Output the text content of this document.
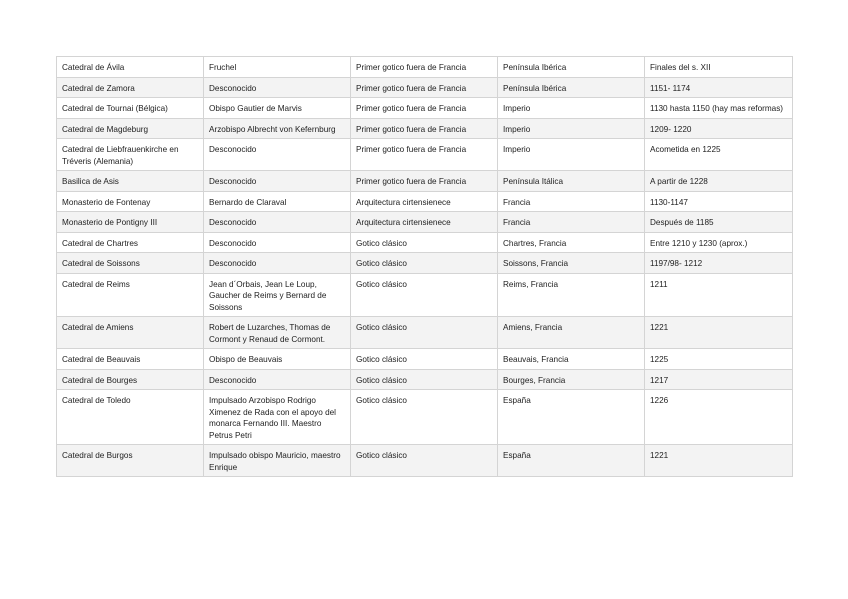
Catedral de Ávila	Fruchel	Primer gotico fuera de Francia	Península Ibérica	Finales del s. XII
Catedral de Zamora	Desconocido	Primer gotico fuera de Francia	Península Ibérica	1151- 1174
Catedral de Tournai (Bélgica)	Obispo Gautier de Marvis	Primer gotico fuera de Francia	Imperio	1130 hasta 1150 (hay mas reformas)
Catedral de Magdeburg	Arzobispo Albrecht von Kefernburg	Primer gotico fuera de Francia	Imperio	1209- 1220
Catedral de Liebfrauenkirche en Tréveris (Alemania)	Desconocido	Primer gotico fuera de Francia	Imperio	Acometida en 1225
Basilica de Asis	Desconocido	Primer gotico fuera de Francia	Península Itálica	A partir de 1228
Monasterio de Fontenay	Bernardo de Claraval	Arquitectura cirtensienece	Francia	1130-1147
Monasterio de Pontigny III	Desconocido	Arquitectura cirtensienece	Francia	Después de 1185
Catedral de Chartres	Desconocido	Gotico clásico	Chartres, Francia	Entre 1210 y 1230 (aprox.)
Catedral de Soissons	Desconocido	Gotico clásico	Soissons, Francia	1197/98- 1212
Catedral de Reims	Jean d´Orbais, Jean Le Loup, Gaucher de Reims y Bernard de Soissons	Gotico clásico	Reims, Francia	1211
Catedral de Amiens	Robert de Luzarches, Thomas de Cormont y Renaud de Cormont.	Gotico clásico	Amiens, Francia	1221
Catedral de Beauvais	Obispo de Beauvais	Gotico clásico	Beauvais, Francia	1225
Catedral de Bourges	Desconocido	Gotico clásico	Bourges, Francia	1217
Catedral de Toledo	Impulsado Arzobispo Rodrigo Ximenez de Rada con el apoyo del monarca Fernando III. Maestro Petrus Petri	Gotico clásico	España	1226
Catedral de Burgos	Impulsado obispo Mauricio, maestro Enrique	Gotico clásico	España	1221
